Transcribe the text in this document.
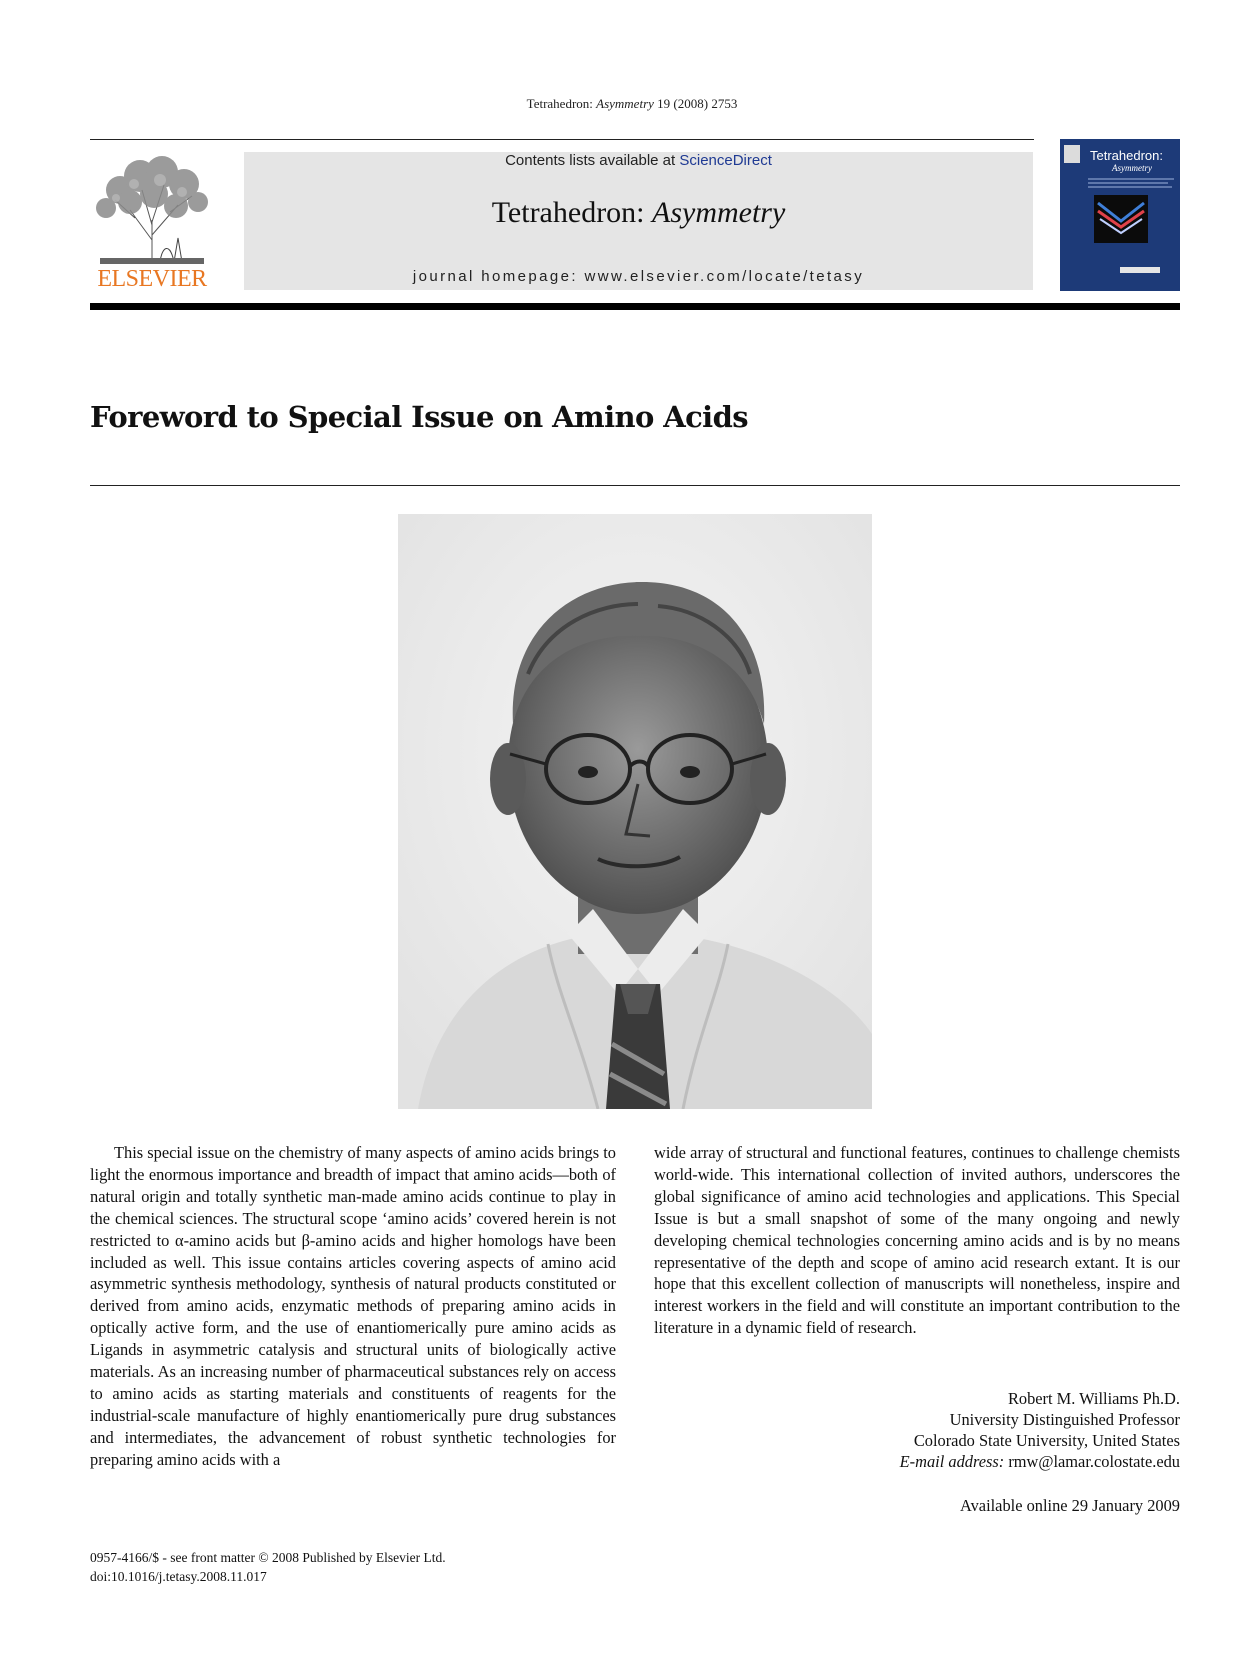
Tetrahedron: Asymmetry 19 (2008) 2753
ELSEVIER
Contents lists available at ScienceDirect
Tetrahedron: Asymmetry
journal homepage: www.elsevier.com/locate/tetasy
Tetrahedron:
Asymmetry
Foreword to Special Issue on Amino Acids
This special issue on the chemistry of many aspects of amino acids brings to light the enormous importance and breadth of impact that amino acids—both of natural origin and totally synthetic man-made amino acids continue to play in the chemical sciences. The structural scope ‘amino acids’ covered herein is not restricted to α-amino acids but β-amino acids and higher homologs have been included as well. This issue contains articles covering aspects of amino acid asymmetric synthesis methodology, synthesis of natural products constituted or derived from amino acids, enzymatic methods of preparing amino acids in optically active form, and the use of enantiomerically pure amino acids as Ligands in asymmetric catalysis and structural units of biologically active materials. As an increasing number of pharmaceutical substances rely on access to amino acids as starting materials and constituents of reagents for the industrial-scale manufacture of highly enantiomerically pure drug substances and intermediates, the advancement of robust synthetic technologies for preparing amino acids with a
wide array of structural and functional features, continues to challenge chemists world-wide. This international collection of invited authors, underscores the global significance of amino acid technologies and applications. This Special Issue is but a small snapshot of some of the many ongoing and newly developing chemical technologies concerning amino acids and is by no means representative of the depth and scope of amino acid research extant. It is our hope that this excellent collection of manuscripts will nonetheless, inspire and interest workers in the field and will constitute an important contribution to the literature in a dynamic field of research.
Robert M. Williams Ph.D.
University Distinguished Professor
Colorado State University, United States
E-mail address: rmw@lamar.colostate.edu
Available online 29 January 2009
0957-4166/$ - see front matter © 2008 Published by Elsevier Ltd.
doi:10.1016/j.tetasy.2008.11.017
